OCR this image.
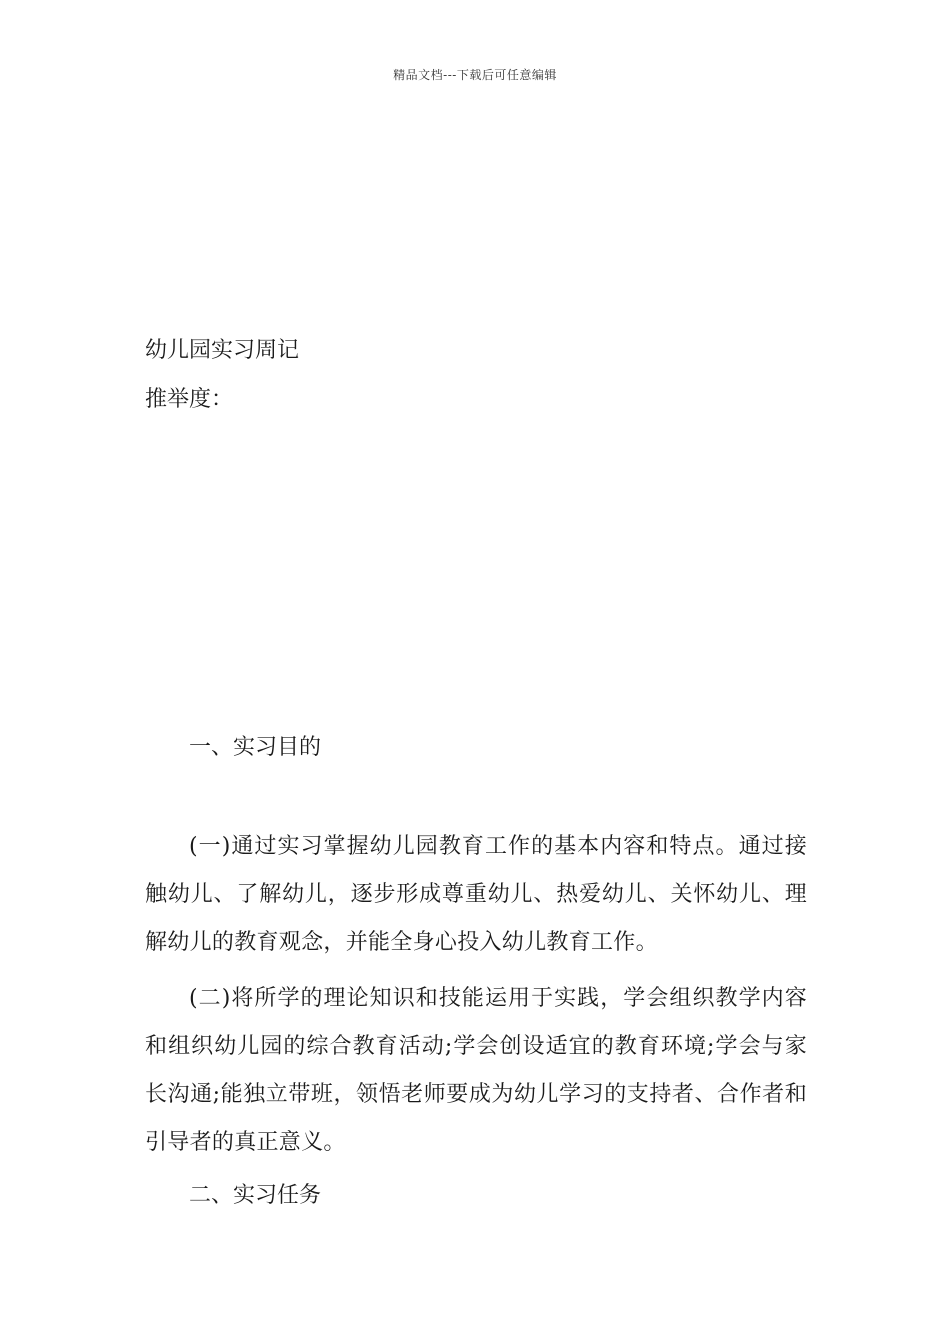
精品文档---下载后可任意编辑
幼儿园实习周记
推举度：
一、实习目的
(一)通过实习掌握幼儿园教育工作的基本内容和特点。通过接触幼儿、了解幼儿，逐步形成尊重幼儿、热爱幼儿、关怀幼儿、理解幼儿的教育观念，并能全身心投入幼儿教育工作。
(二)将所学的理论知识和技能运用于实践，学会组织教学内容和组织幼儿园的综合教育活动;学会创设适宜的教育环境;学会与家长沟通;能独立带班，领悟老师要成为幼儿学习的支持者、合作者和引导者的真正意义。
二、实习任务
